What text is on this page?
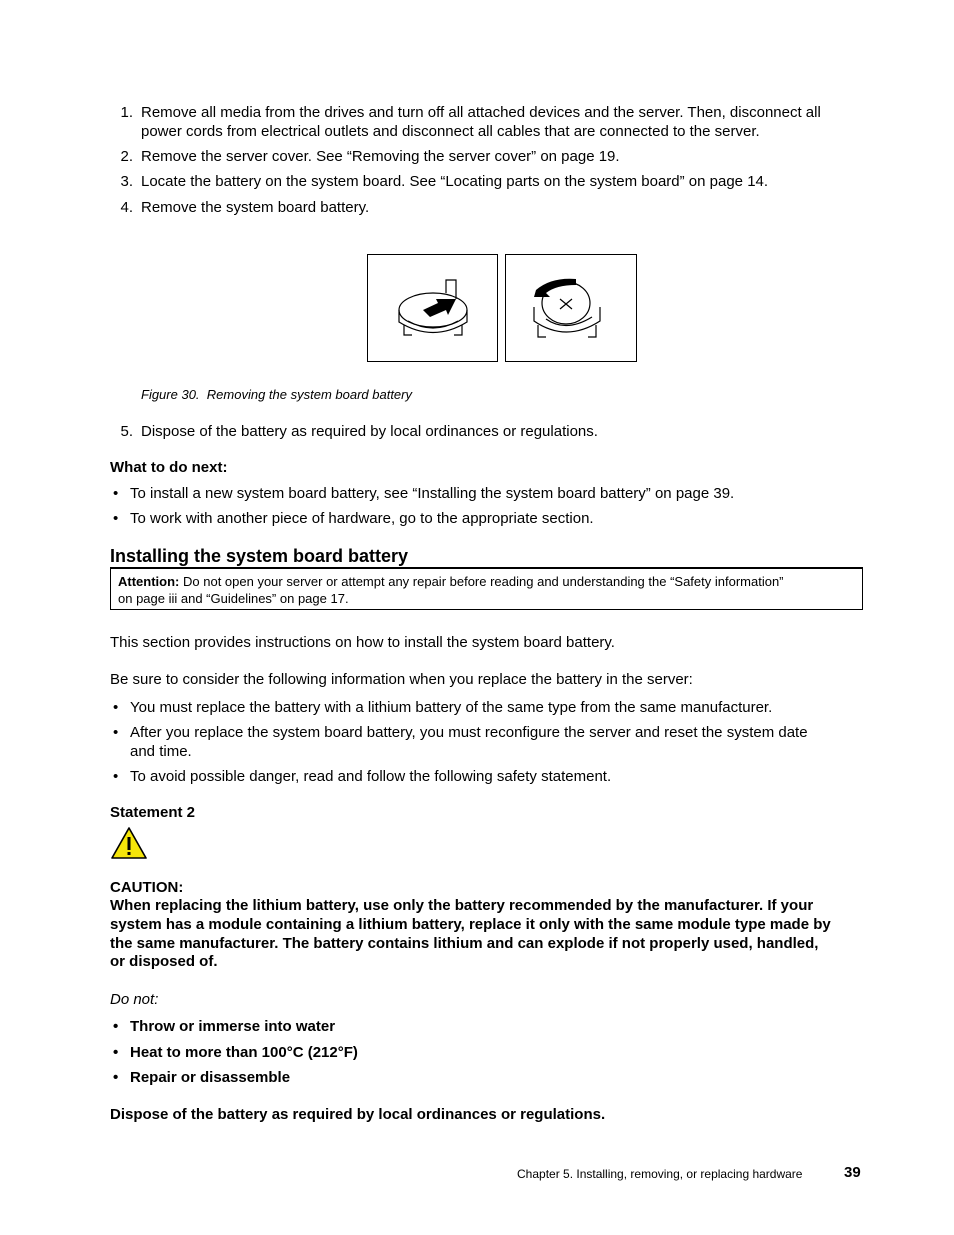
1. Remove all media from the drives and turn off all attached devices and the server. Then, disconnect all
power cords from electrical outlets and disconnect all cables that are connected to the server.
2. Remove the server cover. See “Removing the server cover” on page 19.
3. Locate the battery on the system board. See “Locating parts on the system board” on page 14.
4. Remove the system board battery.
Figure 30. Removing the system board battery
5. Dispose of the battery as required by local ordinances or regulations.
What to do next:
• To install a new system board battery, see “Installing the system board battery” on page 39.
• To work with another piece of hardware, go to the appropriate section.
Installing the system board battery
Attention: Do not open your server or attempt any repair before reading and understanding the “Safety information”
on page iii and “Guidelines” on page 17.
This section provides instructions on how to install the system board battery.
Be sure to consider the following information when you replace the battery in the server:
• You must replace the battery with a lithium battery of the same type from the same manufacturer.
• After you replace the system board battery, you must reconfigure the server and reset the system date
and time.
• To avoid possible danger, read and follow the following safety statement.
Statement 2
CAUTION:
When replacing the lithium battery, use only the battery recommended by the manufacturer. If your
system has a module containing a lithium battery, replace it only with the same module type made by
the same manufacturer. The battery contains lithium and can explode if not properly used, handled,
or disposed of.
Do not:
• Throw or immerse into water
• Heat to more than 100°C (212°F)
• Repair or disassemble
Dispose of the battery as required by local ordinances or regulations.
Chapter 5. Installing, removing, or replacing hardware	39
